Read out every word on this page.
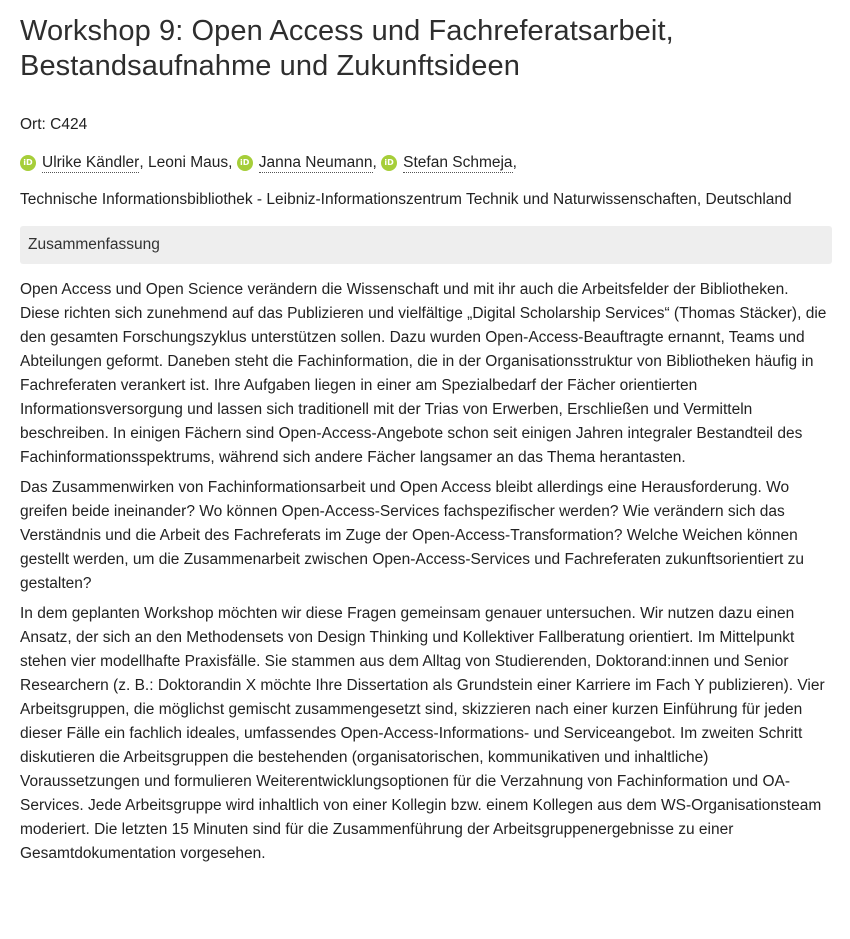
Workshop 9: Open Access und Fachreferatsarbeit, Bestandsaufnahme und Zukunftsideen
Ort: C424
iD Ulrike Kändler , Leoni Maus , iD Janna Neumann , iD Stefan Schmeja ,
Technische Informationsbibliothek - Leibniz-Informationszentrum Technik und Naturwissenschaften, Deutschland
Zusammenfassung

Open Access und Open Science verändern die Wissenschaft und mit ihr auch die Arbeitsfelder der Bibliotheken. Diese richten sich zunehmend auf das Publizieren und vielfältige „Digital Scholarship Services“ (Thomas Stäcker), die den gesamten Forschungszyklus unterstützen sollen. Dazu wurden Open-Access-Beauftragte ernannt, Teams und Abteilungen geformt. Daneben steht die Fachinformation, die in der Organisationsstruktur von Bibliotheken häufig in Fachreferaten verankert ist. Ihre Aufgaben liegen in einer am Spezialbedarf der Fächer orientierten Informationsversorgung und lassen sich traditionell mit der Trias von Erwerben, Erschließen und Vermitteln beschreiben. In einigen Fächern sind Open-Access-Angebote schon seit einigen Jahren integraler Bestandteil des Fachinformationsspektrums, während sich andere Fächer langsamer an das Thema herantasten.

Das Zusammenwirken von Fachinformationsarbeit und Open Access bleibt allerdings eine Herausforderung. Wo greifen beide ineinander? Wo können Open-Access-Services fachspezifischer werden? Wie verändern sich das Verständnis und die Arbeit des Fachreferats im Zuge der Open-Access-Transformation? Welche Weichen können gestellt werden, um die Zusammenarbeit zwischen Open-Access-Services und Fachreferaten zukunftsorientiert zu gestalten?

In dem geplanten Workshop möchten wir diese Fragen gemeinsam genauer untersuchen. Wir nutzen dazu einen Ansatz, der sich an den Methodensets von Design Thinking und Kollektiver Fallberatung orientiert. Im Mittelpunkt stehen vier modellhafte Praxisfälle. Sie stammen aus dem Alltag von Studierenden, Doktorand:innen und Senior Researchern (z. B.: Doktorandin X möchte Ihre Dissertation als Grundstein einer Karriere im Fach Y publizieren). Vier Arbeitsgruppen, die möglichst gemischt zusammengesetzt sind, skizzieren nach einer kurzen Einführung für jeden dieser Fälle ein fachlich ideales, umfassendes Open-Access-Informations- und Serviceangebot. Im zweiten Schritt diskutieren die Arbeitsgruppen die bestehenden (organisatorischen, kommunikativen und inhaltliche) Voraussetzungen und formulieren Weiterentwicklungsoptionen für die Verzahnung von Fachinformation und OA-Services. Jede Arbeitsgruppe wird inhaltlich von einer Kollegin bzw. einem Kollegen aus dem WS-Organisationsteam moderiert. Die letzten 15 Minuten sind für die Zusammenführung der Arbeitsgruppenergebnisse zu einer Gesamtdokumentation vorgesehen.
